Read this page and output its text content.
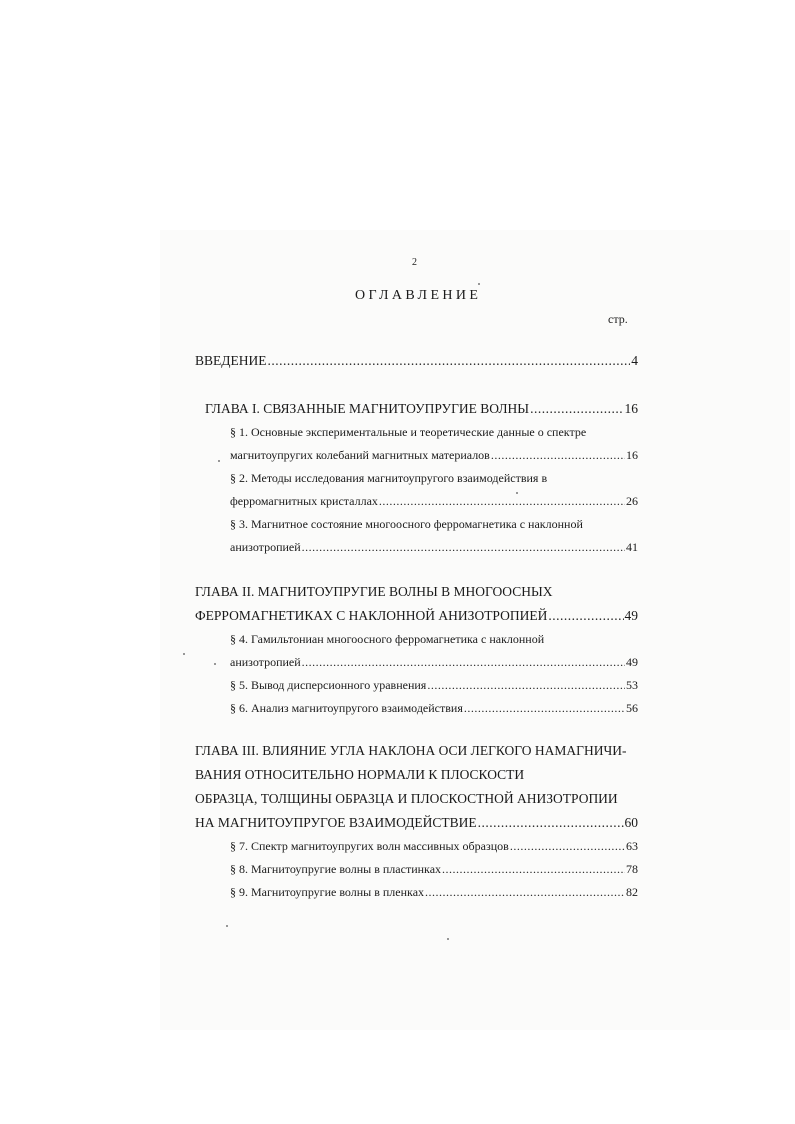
2
ОГЛАВЛЕНИЕ
стр.
ВВЕДЕНИЕ .....	4
ГЛАВА I. СВЯЗАННЫЕ МАГНИТОУПРУГИЕ ВОЛНЫ .....	16
§ 1. Основные экспериментальные и теоретические данные о спектре
магнитоупругих колебаний магнитных материалов .....	16
§ 2. Методы исследования магнитоупругого взаимодействия в
ферромагнитных кристаллах .....	26
§ 3. Магнитное состояние многоосного ферромагнетика с наклонной
анизотропией .....	41
ГЛАВА II. МАГНИТОУПРУГИЕ ВОЛНЫ В МНОГООСНЫХ
ФЕРРОМАГНЕТИКАХ С НАКЛОННОЙ АНИЗОТРОПИЕЙ .....	49
§ 4. Гамильтониан многоосного ферромагнетика с наклонной
анизотропией .....	49
§ 5. Вывод дисперсионного уравнения .....	53
§ 6. Анализ магнитоупругого взаимодействия .....	56
ГЛАВА III. ВЛИЯНИЕ УГЛА НАКЛОНА ОСИ ЛЕГКОГО НАМАГНИЧИ-
ВАНИЯ ОТНОСИТЕЛЬНО НОРМАЛИ К ПЛОСКОСТИ
ОБРАЗЦА, ТОЛЩИНЫ ОБРАЗЦА И ПЛОСКОСТНОЙ АНИЗОТРОПИИ
НА МАГНИТОУПРУГОЕ ВЗАИМОДЕЙСТВИЕ .....	60
§ 7. Спектр магнитоупругих волн массивных образцов .....	63
§ 8. Магнитоупругие волны в пластинках .....	78
§ 9. Магнитоупругие волны в пленках .....	82
